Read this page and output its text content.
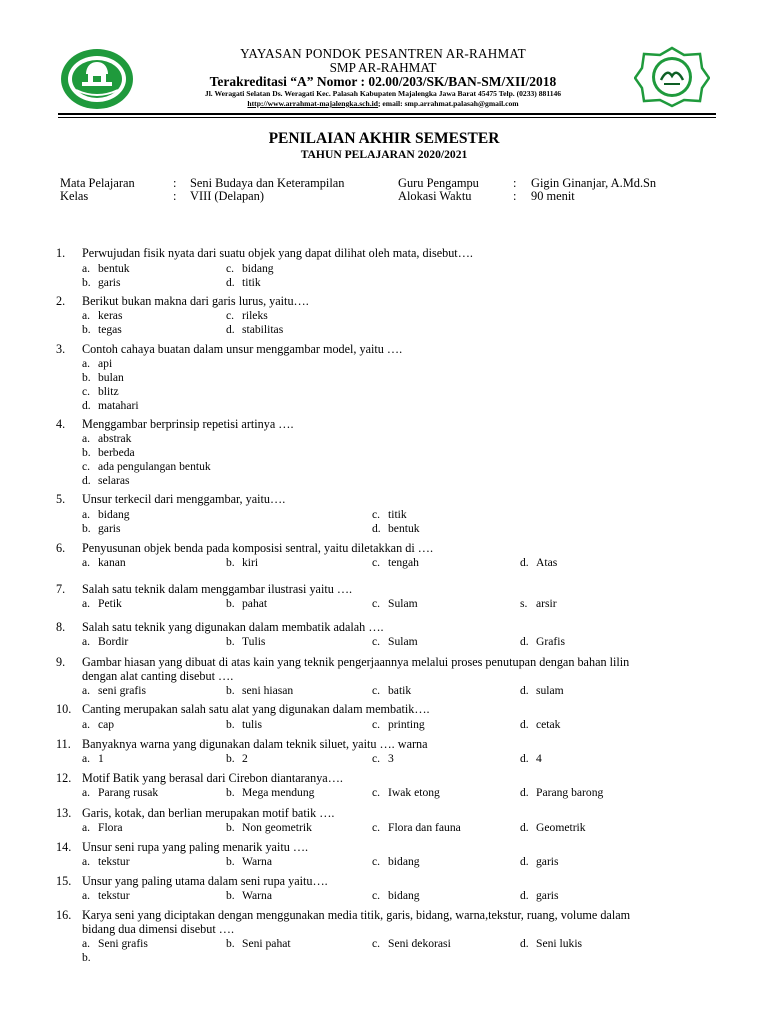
YAYASAN PONDOK PESANTREN AR-RAHMAT
SMP AR-RAHMAT
Terakreditasi “A” Nomor : 02.00/203/SK/BAN-SM/XII/2018
Jl. Weragati Selatan Ds. Weragati Kec. Palasah Kabupaten Majalengka Jawa Barat 45475 Telp. (0233) 881146
http://www.arrahmat-majalengka.sch.id; email: smp.arrahmat.palasah@gmail.com
PENILAIAN AKHIR SEMESTER
TAHUN PELAJARAN 2020/2021
Mata Pelajaran	: Seni Budaya dan Keterampilan	Guru Pengampu	: Gigin Ginanjar, A.Md.Sn
Kelas	: VIII (Delapan)	Alokasi Waktu	: 90 menit
1.	Perwujudan fisik nyata dari suatu objek yang dapat dilihat oleh mata, disebut….
a. bentuk	c. bidang
b. garis	d. titik
2.	Berikut bukan makna dari garis lurus, yaitu….
a. keras	c. rileks
b. tegas	d. stabilitas
3.	Contoh cahaya buatan dalam unsur menggambar model, yaitu ….
a. api
b. bulan
c. blitz
d. matahari
4.	Menggambar berprinsip repetisi artinya ….
a. abstrak
b. berbeda
c. ada pengulangan bentuk
d. selaras
5.	Unsur terkecil dari menggambar, yaitu….
a. bidang	c. titik
b. garis	d. bentuk
6.	Penyusunan objek benda pada komposisi sentral, yaitu diletakkan di ….
a. kanan	b. kiri	c. tengah	d. Atas
7.	Salah satu teknik dalam menggambar ilustrasi yaitu ….
a. Petik	b. pahat	c. Sulam	s. arsir
8.	Salah satu teknik yang digunakan dalam membatik adalah ….
a. Bordir	b. Tulis	c. Sulam	d. Grafis
9.	Gambar hiasan yang dibuat di atas kain yang teknik pengerjaannya melalui proses penutupan dengan bahan lilin
dengan alat canting disebut ….
a. seni grafis	b. seni hiasan	c. batik	d. sulam
10. Canting merupakan salah satu alat yang digunakan dalam membatik….
a. cap	b. tulis	c. printing	d. cetak
11. Banyaknya warna yang digunakan dalam teknik siluet, yaitu …. warna
a. 1	b. 2	c. 3	d. 4
12. Motif Batik yang berasal dari Cirebon diantaranya….
a. Parang rusak	b. Mega mendung	c. Iwak etong	d. Parang barong
13. Garis, kotak, dan berlian merupakan motif batik ….
a. Flora	b. Non geometrik	c. Flora dan fauna	d. Geometrik
14. Unsur seni rupa yang paling menarik yaitu ….
a. tekstur	b. Warna	c. bidang	d. garis
15. Unsur yang paling utama dalam seni rupa yaitu….
a. tekstur	b. Warna	c. bidang	d. garis
16. Karya seni yang diciptakan dengan menggunakan media titik, garis, bidang, warna,tekstur, ruang, volume dalam
bidang dua dimensi disebut ….
a. Seni grafis	b. Seni pahat	c. Seni dekorasi	d. Seni lukis
b.
